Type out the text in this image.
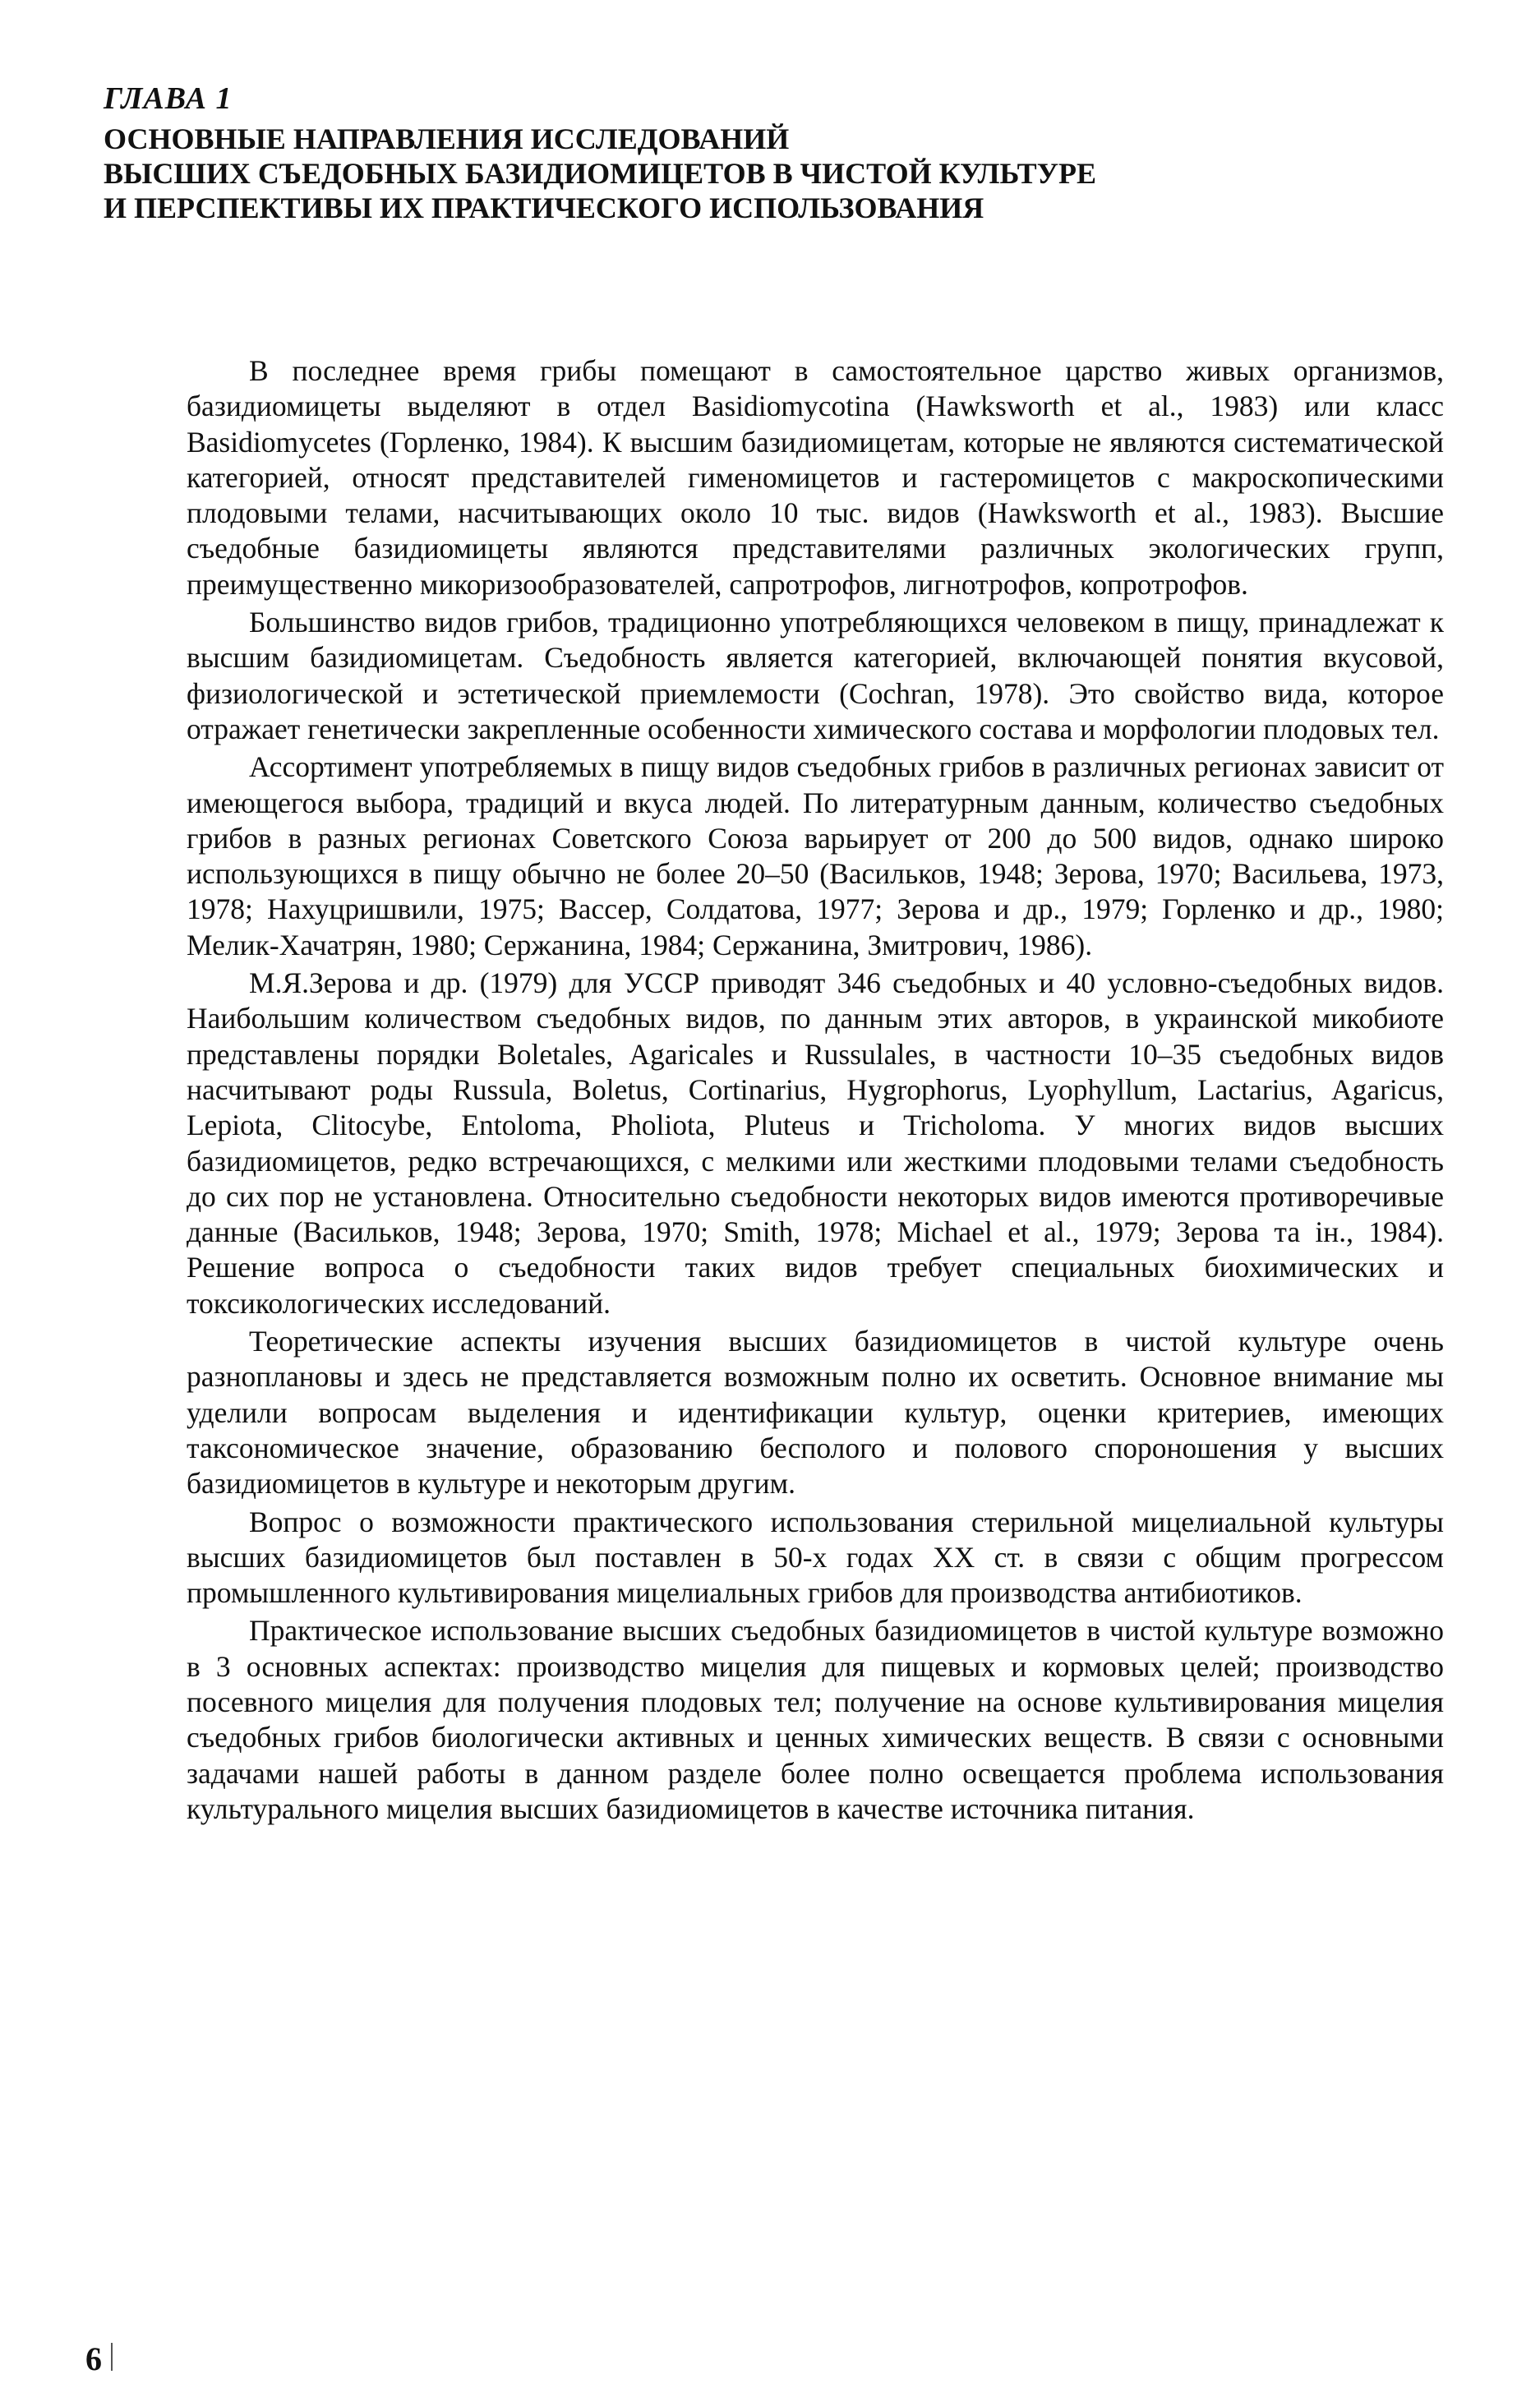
ГЛАВА 1
ОСНОВНЫЕ НАПРАВЛЕНИЯ ИССЛЕДОВАНИЙ
ВЫСШИХ СЪЕДОБНЫХ БАЗИДИОМИЦЕТОВ В ЧИСТОЙ КУЛЬТУРЕ
И ПЕРСПЕКТИВЫ ИХ ПРАКТИЧЕСКОГО ИСПОЛЬЗОВАНИЯ

В последнее время грибы помещают в самостоятельное царство живых организмов, базидиомицеты выделяют в отдел Basidiomycotina (Hawksworth et al., 1983) или класс Basidiomycetes (Горленко, 1984). К высшим базидиомицетам, которые не являются систематической категорией, относят представителей гименомицетов и гастеромицетов с макроскопическими плодовыми телами, насчитывающих около 10 тыс. видов (Hawksworth et al., 1983). Высшие съедобные базидиомицеты являются представителями различных экологических групп, преимущественно микоризообразователей, сапротрофов, лигнотрофов, копротрофов.

Большинство видов грибов, традиционно употребляющихся человеком в пищу, принадлежат к высшим базидиомицетам. Съедобность является категорией, включающей понятия вкусовой, физиологической и эстетической приемлемости (Cochran, 1978). Это свойство вида, которое отражает генетически закрепленные особенности химического состава и морфологии плодовых тел.

Ассортимент употребляемых в пищу видов съедобных грибов в различных регионах зависит от имеющегося выбора, традиций и вкуса людей. По литературным данным, количество съедобных грибов в разных регионах Советского Союза варьирует от 200 до 500 видов, однако широко использующихся в пищу обычно не более 20–50 (Васильков, 1948; Зерова, 1970; Васильева, 1973, 1978; Нахуцришвили, 1975; Вассер, Солдатова, 1977; Зерова и др., 1979; Горленко и др., 1980; Мелик-Хачатрян, 1980; Сержанина, 1984; Сержанина, Змитрович, 1986).

М.Я.Зерова и др. (1979) для УССР приводят 346 съедобных и 40 условно-съедобных видов. Наибольшим количеством съедобных видов, по данным этих авторов, в украинской микобиоте представлены порядки Boletales, Agaricales и Russulales, в частности 10–35 съедобных видов насчитывают роды Russula, Boletus, Cortinarius, Hygrophorus, Lyophyllum, Lactarius, Agaricus, Lepiota, Clitocybe, Entoloma, Pholiota, Pluteus и Tricholoma. У многих видов высших базидиомицетов, редко встречающихся, с мелкими или жесткими плодовыми телами съедобность до сих пор не установлена. Относительно съедобности некоторых видов имеются противоречивые данные (Васильков, 1948; Зерова, 1970; Smith, 1978; Michael et al., 1979; Зерова та ін., 1984). Решение вопроса о съедобности таких видов требует специальных биохимических и токсикологических исследований.

Теоретические аспекты изучения высших базидиомицетов в чистой культуре очень разноплановы и здесь не представляется возможным полно их осветить. Основное внимание мы уделили вопросам выделения и идентификации культур, оценки критериев, имеющих таксономическое значение, образованию бесполого и полового спороношения у высших базидиомицетов в культуре и некоторым другим.

Вопрос о возможности практического использования стерильной мицелиальной культуры высших базидиомицетов был поставлен в 50-х годах XX ст. в связи с общим прогрессом промышленного культивирования мицелиальных грибов для производства антибиотиков.

Практическое использование высших съедобных базидиомицетов в чистой культуре возможно в 3 основных аспектах: производство мицелия для пищевых и кормовых целей; производство посевного мицелия для получения плодовых тел; получение на основе культивирования мицелия съедобных грибов биологически активных и ценных химических веществ. В связи с основными задачами нашей работы в данном разделе более полно освещается проблема использования культурального мицелия высших базидиомицетов в качестве источника питания.

6
